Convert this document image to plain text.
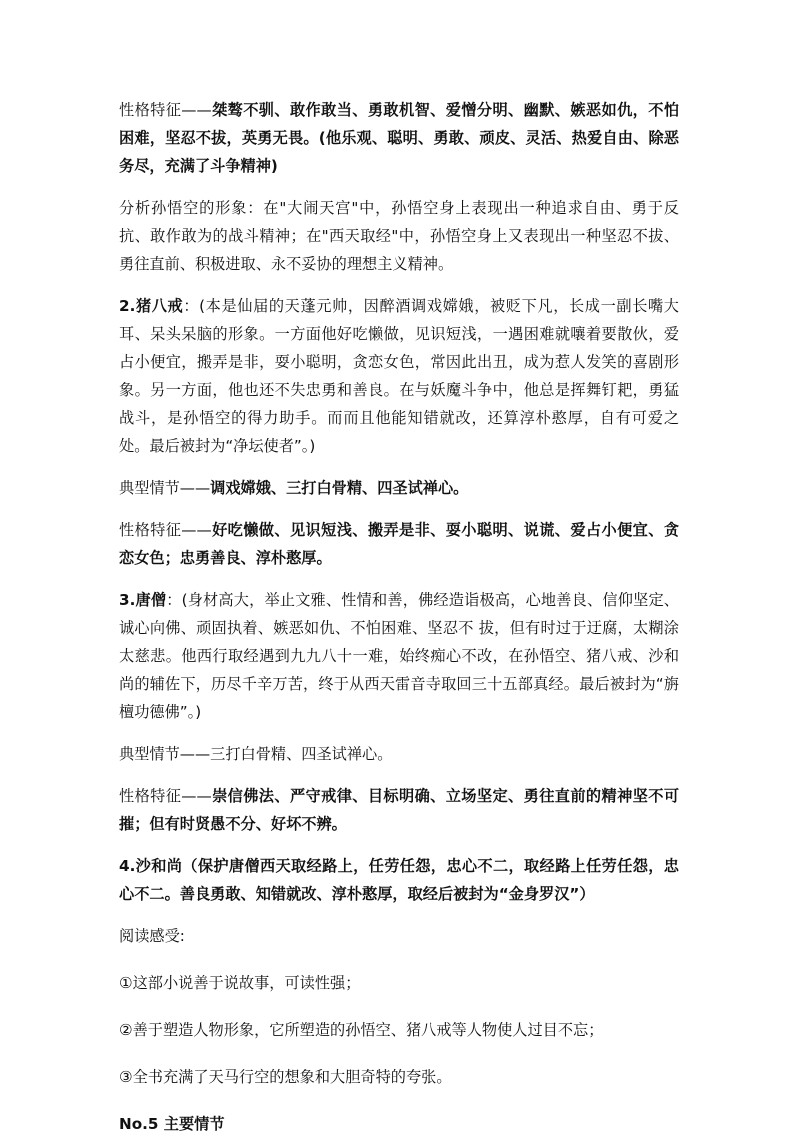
性格特征——桀骜不驯、敢作敢当、勇敢机智、爱憎分明、幽默、嫉恶如仇，不怕困难，坚忍不拔，英勇无畏。(他乐观、聪明、勇敢、顽皮、灵活、热爱自由、除恶务尽，充满了斗争精神)

分析孙悟空的形象：在"大闹天宫"中，孙悟空身上表现出一种追求自由、勇于反抗、敢作敢为的战斗精神；在"西天取经"中，孙悟空身上又表现出一种坚忍不拔、勇往直前、积极进取、永不妥协的理想主义精神。

2.猪八戒：(本是仙届的天蓬元帅，因醉酒调戏嫦娥，被贬下凡，长成一副长嘴大耳、呆头呆脑的形象。一方面他好吃懒做，见识短浅，一遇困难就嚷着要散伙，爱占小便宜，搬弄是非，耍小聪明，贪恋女色，常因此出丑，成为惹人发笑的喜剧形象。另一方面，他也还不失忠勇和善良。在与妖魔斗争中，他总是挥舞钉耙，勇猛战斗，是孙悟空的得力助手。而而且他能知错就改，还算淳朴憨厚，自有可爱之处。最后被封为“净坛使者”。)

典型情节——调戏嫦娥、三打白骨精、四圣试禅心。

性格特征——好吃懒做、见识短浅、搬弄是非、耍小聪明、说谎、爱占小便宜、贪恋女色；忠勇善良、淳朴憨厚。

3.唐僧：(身材高大，举止文雅、性情和善，佛经造诣极高，心地善良、信仰坚定、诚心向佛、顽固执着、嫉恶如仇、不怕困难、坚忍不 拔，但有时过于迂腐，太糊涂太慈悲。他西行取经遇到九九八十一难，始终痴心不改，在孙悟空、猪八戒、沙和尚的辅佐下，历尽千辛万苦，终于从西天雷音寺取回三十五部真经。最后被封为“旃檀功德佛”。)

典型情节——三打白骨精、四圣试禅心。

性格特征——崇信佛法、严守戒律、目标明确、立场坚定、勇往直前的精神坚不可摧；但有时贤愚不分、好坏不辨。

4.沙和尚（保护唐僧西天取经路上，任劳任怨，忠心不二，取经路上任劳任怨，忠心不二。善良勇敢、知错就改、淳朴憨厚，取经后被封为“金身罗汉”）

阅读感受:

①这部小说善于说故事，可读性强；

②善于塑造人物形象，它所塑造的孙悟空、猪八戒等人物使人过目不忘；

③全书充满了天马行空的想象和大胆奇特的夸张。

No.5 主要情节
